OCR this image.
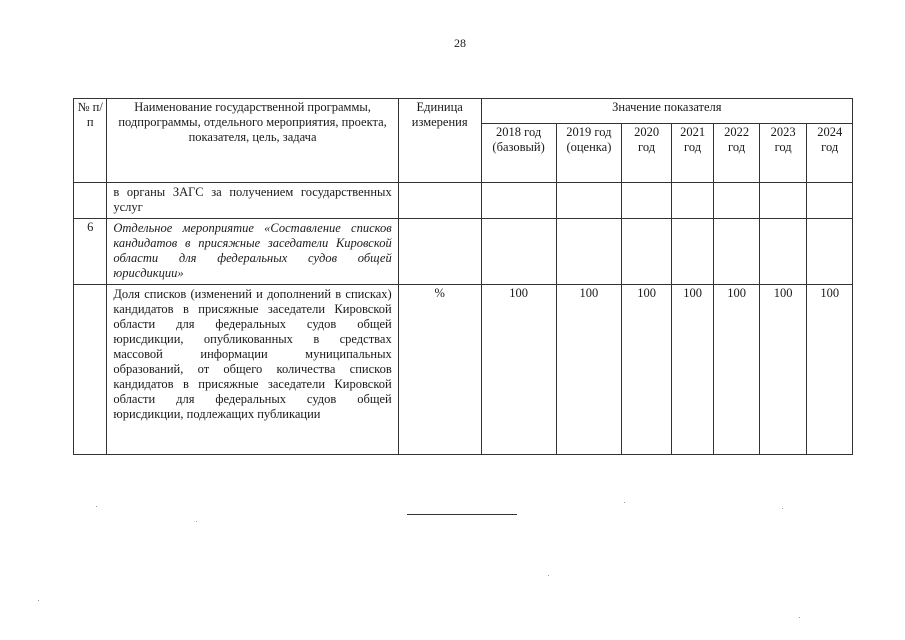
28
№ п/п	Наименование государственной программы, подпрограммы, отдельного мероприятия, проекта, показателя, цель, задача	Единица измерения	Значение показателя						
			2018 год (базовый)	2019 год (оценка)	2020 год	2021 год	2022 год	2023 год	2024 год
	в органы ЗАГС за получением государственных услуг								
6	Отдельное мероприятие «Составление списков кандидатов в присяжные заседатели Кировской области для федеральных судов общей юрисдикции»								
	Доля списков (изменений и дополнений в списках) кандидатов в присяжные заседатели Кировской области для федеральных судов общей юрисдикции, опубликованных в средствах массовой информации муниципальных образований, от общего количества списков кандидатов в присяжные заседатели Кировской области для федеральных судов общей юрисдикции, подлежащих публикации	%	100	100	100	100	100	100	100
